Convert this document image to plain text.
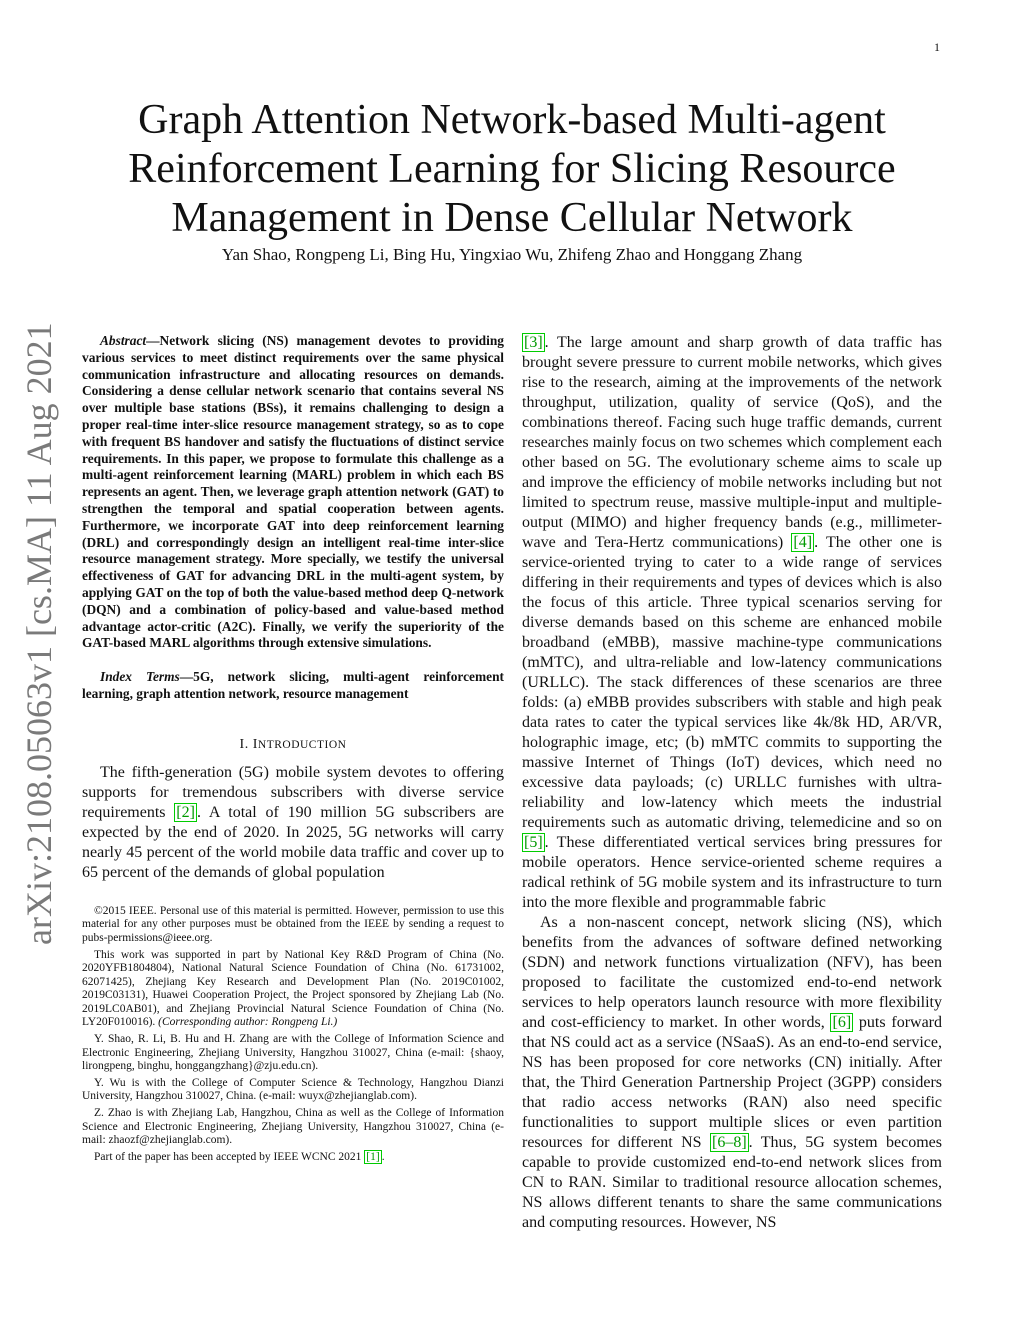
1
arXiv:2108.05063v1 [cs.MA] 11 Aug 2021
Graph Attention Network-based Multi-agent
Reinforcement Learning for Slicing Resource
Management in Dense Cellular Network
Yan Shao, Rongpeng Li, Bing Hu, Yingxiao Wu, Zhifeng Zhao and Honggang Zhang

Abstract—Network slicing (NS) management devotes to providing various services to meet distinct requirements over the same physical communication infrastructure and allocating resources on demands. Considering a dense cellular network scenario that contains several NS over multiple base stations (BSs), it remains challenging to design a proper real-time inter-slice resource management strategy, so as to cope with frequent BS handover and satisfy the fluctuations of distinct service requirements. In this paper, we propose to formulate this challenge as a multi-agent reinforcement learning (MARL) problem in which each BS represents an agent. Then, we leverage graph attention network (GAT) to strengthen the temporal and spatial cooperation between agents. Furthermore, we incorporate GAT into deep reinforcement learning (DRL) and correspondingly design an intelligent real-time inter-slice resource management strategy. More specially, we testify the universal effectiveness of GAT for advancing DRL in the multi-agent system, by applying GAT on the top of both the value-based method deep Q-network (DQN) and a combination of policy-based and value-based method advantage actor-critic (A2C). Finally, we verify the superiority of the GAT-based MARL algorithms through extensive simulations.

Index Terms—5G, network slicing, multi-agent reinforcement learning, graph attention network, resource management

I. INTRODUCTION

The fifth-generation (5G) mobile system devotes to offering supports for tremendous subscribers with diverse service requirements [2] . A total of 190 million 5G subscribers are expected by the end of 2020. In 2025, 5G networks will carry nearly 45 percent of the world mobile data traffic and cover up to 65 percent of the demands of global population

©2015 IEEE. Personal use of this material is permitted. However, permission to use this material for any other purposes must be obtained from the IEEE by sending a request to pubs-permissions@ieee.org.

This work was supported in part by National Key R&D Program of China (No. 2020YFB1804804), National Natural Science Foundation of China (No. 61731002, 62071425), Zhejiang Key Research and Development Plan (No. 2019C01002, 2019C03131), Huawei Cooperation Project, the Project sponsored by Zhejiang Lab (No. 2019LC0AB01), and Zhejiang Provincial Natural Science Foundation of China (No. LY20F010016). (Corresponding author: Rongpeng Li.)

Y. Shao, R. Li, B. Hu and H. Zhang are with the College of Information Science and Electronic Engineering, Zhejiang University, Hangzhou 310027, China (e-mail: {shaoy, lirongpeng, binghu, honggangzhang}@zju.edu.cn).

Y. Wu is with the College of Computer Science & Technology, Hangzhou Dianzi University, Hangzhou 310027, China. (e-mail: wuyx@zhejianglab.com).

Z. Zhao is with Zhejiang Lab, Hangzhou, China as well as the College of Information Science and Electronic Engineering, Zhejiang University, Hangzhou 310027, China (e-mail: zhaozf@zhejianglab.com).

Part of the paper has been accepted by IEEE WCNC 2021 [1] .

[3] . The large amount and sharp growth of data traffic has brought severe pressure to current mobile networks, which gives rise to the research, aiming at the improvements of the network throughput, utilization, quality of service (QoS), and the combinations thereof. Facing such huge traffic demands, current researches mainly focus on two schemes which complement each other based on 5G. The evolutionary scheme aims to scale up and improve the efficiency of mobile networks including but not limited to spectrum reuse, massive multiple-input and multiple-output (MIMO) and higher frequency bands (e.g., millimeter-wave and Tera-Hertz communications) [4] . The other one is service-oriented trying to cater to a wide range of services differing in their requirements and types of devices which is also the focus of this article. Three typical scenarios serving for diverse demands based on this scheme are enhanced mobile broadband (eMBB), massive machine-type communications (mMTC), and ultra-reliable and low-latency communications (URLLC). The stack differences of these scenarios are three folds: (a) eMBB provides subscribers with stable and high peak data rates to cater the typical services like 4k/8k HD, AR/VR, holographic image, etc; (b) mMTC commits to supporting the massive Internet of Things (IoT) devices, which need no excessive data payloads; (c) URLLC furnishes with ultra-reliability and low-latency which meets the industrial requirements such as automatic driving, telemedicine and so on [5] . These differentiated vertical services bring pressures for mobile operators. Hence service-oriented scheme requires a radical rethink of 5G mobile system and its infrastructure to turn into the more flexible and programmable fabric

As a non-nascent concept, network slicing (NS), which benefits from the advances of software defined networking (SDN) and network functions virtualization (NFV), has been proposed to facilitate the customized end-to-end network services to help operators launch resource with more flexibility and cost-efficiency to market. In other words, [6] puts forward that NS could act as a service (NSaaS). As an end-to-end service, NS has been proposed for core networks (CN) initially. After that, the Third Generation Partnership Project (3GPP) considers that radio access networks (RAN) also need specific functionalities to support multiple slices or even partition resources for different NS [6–8] . Thus, 5G system becomes capable to provide customized end-to-end network slices from CN to RAN. Similar to traditional resource allocation schemes, NS allows different tenants to share the same communications and computing resources. However, NS
